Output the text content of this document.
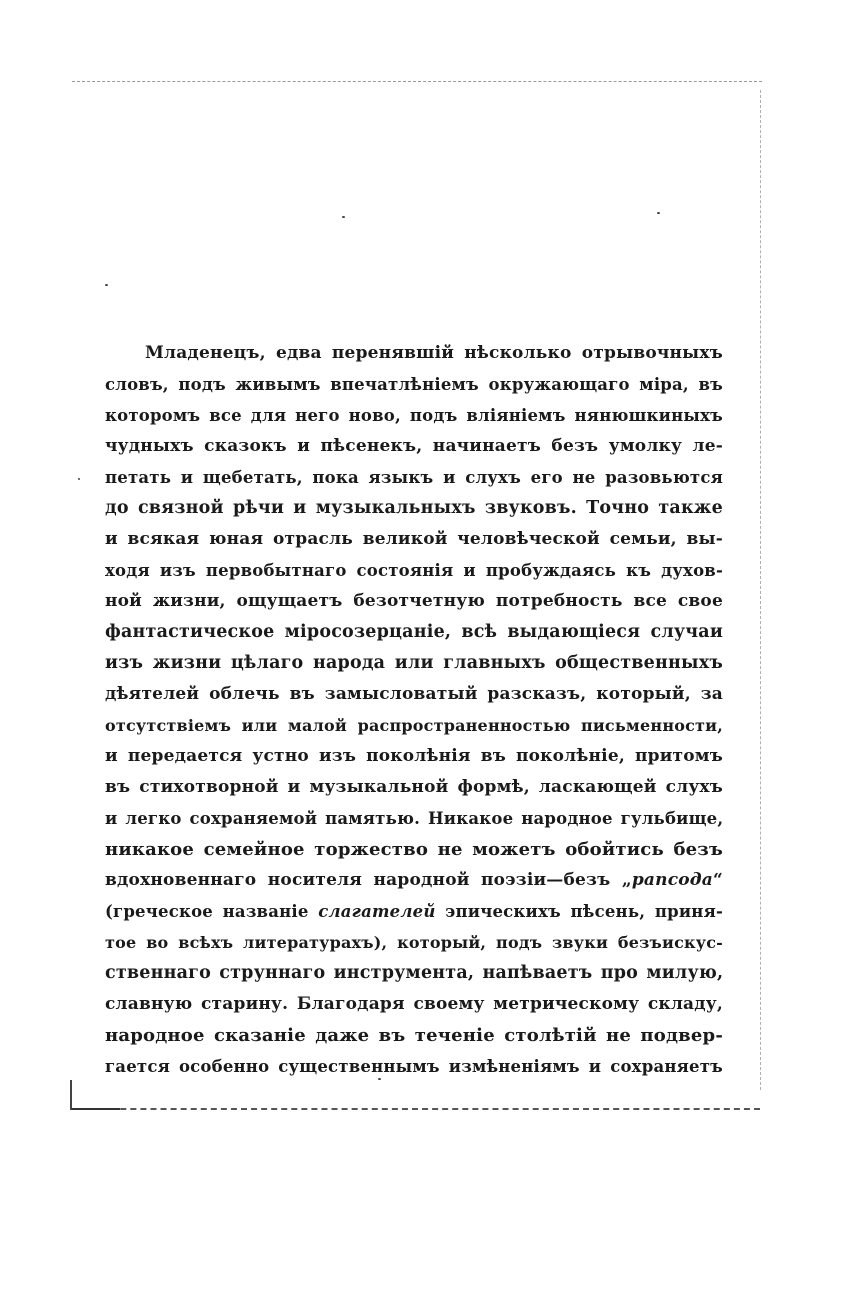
Младенецъ, едва перенявшій нѣсколько отрывочныхъ
словъ, подъ живымъ впечатлѣніемъ окружающаго міра, въ
которомъ все для него ново, подъ вліяніемъ нянюшкиныхъ
чудныхъ сказокъ и пѣсенекъ, начинаетъ безъ умолку ле-
петать и щебетать, пока языкъ и слухъ его не разовьются
до связной рѣчи и музыкальныхъ звуковъ. Точно также
и всякая юная отрасль великой человѣческой семьи, вы-
ходя изъ первобытнаго состоянія и пробуждаясь къ духов-
ной жизни, ощущаетъ безотчетную потребность все свое
фантастическое міросозерцаніе, всѣ выдающіеся случаи
изъ жизни цѣлаго народа или главныхъ общественныхъ
дѣятелей облечь въ замысловатый разсказъ, который, за
отсутствіемъ или малой распространенностью письменности,
и передается устно изъ поколѣнія въ поколѣніе, притомъ
въ стихотворной и музыкальной формѣ, ласкающей слухъ
и легко сохраняемой памятью. Никакое народное гульбище,
никакое семейное торжество не можетъ обойтись безъ
вдохновеннаго носителя народной поэзіи—безъ „рапсода“
(греческое названіе слагателей эпическихъ пѣсень, приня-
тое во всѣхъ литературахъ), который, подъ звуки безъискус-
ственнаго струннаго инструмента, напѣваетъ про милую,
славную старину. Благодаря своему метрическому складу,
народное сказаніе даже въ теченіе столѣтій не подвер-
гается особенно существеннымъ измѣненіямъ и сохраняетъ
